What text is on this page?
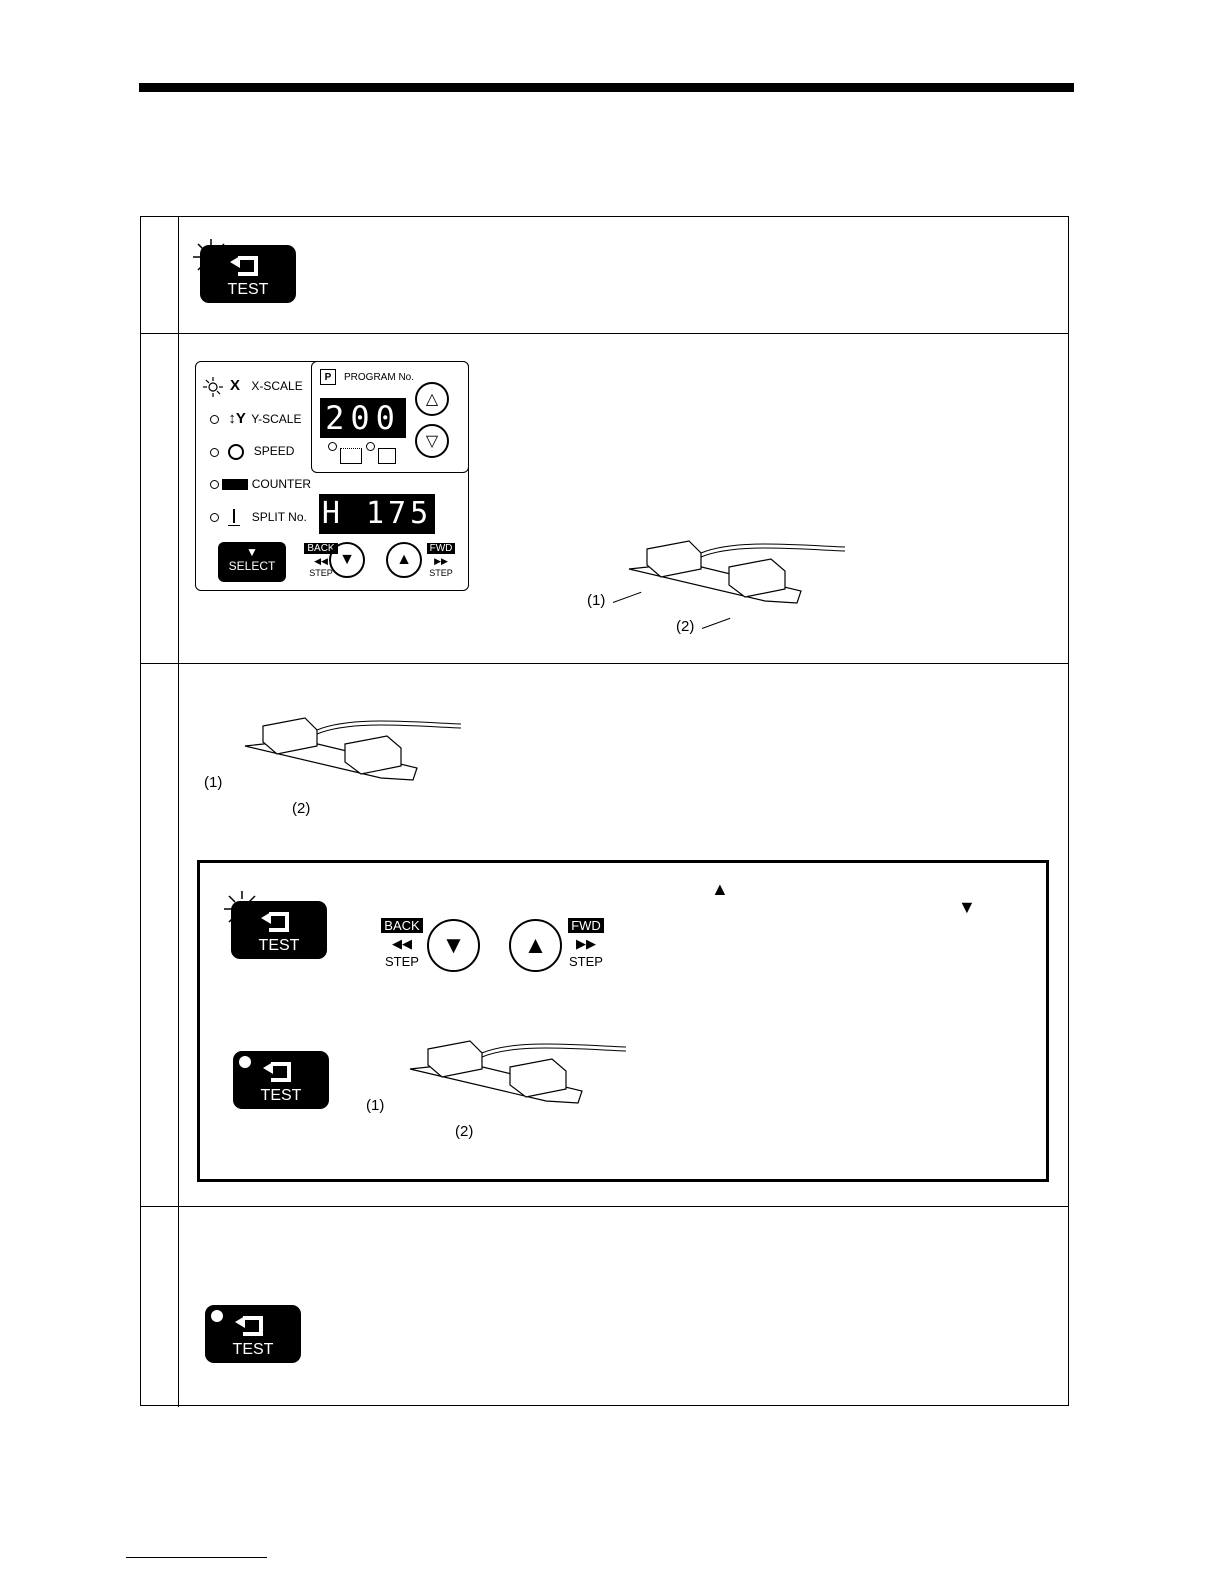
TEST
X X-SCALE
↕Y Y-SCALE
SPEED
COUNTER

SPLIT No.
▼
SELECT
P	PROGRAM No.
200	△
▽
H 175
BACK
◀◀
STEP
▼	▲
FWD
▶▶
STEP
(1)
(2)
(1)
(2)
TEST
TEST
BACK
◀◀
STEP
▼ ▲
FWD
▶▶
STEP
▲
▼
TEST
(1)
(2)
